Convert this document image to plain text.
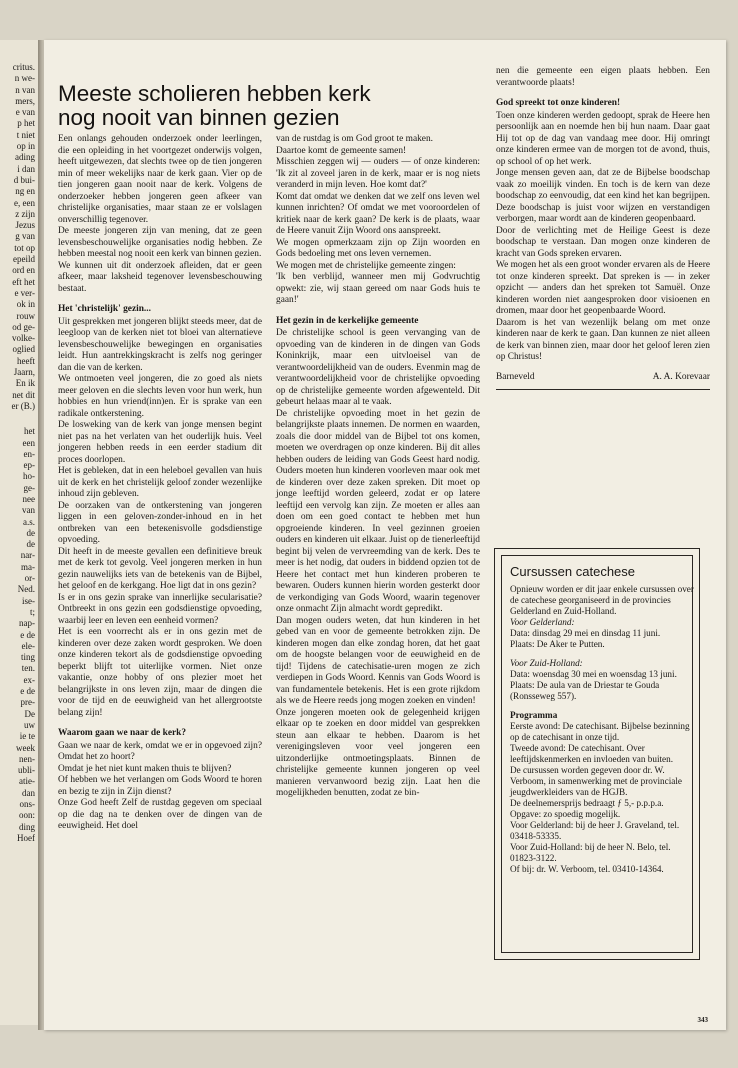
critus.
n we-
n van
mers,
e van
p het
t niet
op in
ading
i dan
d bui-
ng en
e, een
z zijn
Jezus
g van
tot op
epeild
ord en
eft het
e ver-
ok in
rouw
od ge-
volke-
oglied
heeft
Jaarn,
En ik
net dit
er (B.)
het
een
en-
ep-
ho-
ge-
nee
van
a.s.
de
de
nar-
ma-
or-
Ned.
ise-
t;
nap-
e de
ele-
ting
ten.
ex-
e de
pre-
De
uw
ie te
week
nen-
ubli-
atie-
dan
ons-
oon:
ding
Hoef
Meeste scholieren hebben kerk
nog nooit van binnen gezien

Een onlangs gehouden onderzoek onder leerlingen, die een opleiding in het voortgezet onderwijs volgen, heeft uitgewezen, dat slechts twee op de tien jongeren min of meer wekelijks naar de kerk gaan. Vier op de tien jongeren gaan nooit naar de kerk. Volgens de onderzoeker hebben jongeren geen afkeer van christelijke organisaties, maar staan ze er volslagen onverschillig tegenover.

De meeste jongeren zijn van mening, dat ze geen levensbeschouwelijke organisaties nodig hebben. Ze hebben meestal nog nooit een kerk van binnen gezien.

We kunnen uit dit onderzoek afleiden, dat er geen afkeer, maar laksheid tegenover levensbeschouwing bestaat.

Het 'christelijk' gezin...

Uit gesprekken met jongeren blijkt steeds meer, dat de leegloop van de kerken niet tot bloei van alternatieve levensbeschouwelijke bewegingen en organisaties leidt. Hun aantrekkingskracht is zelfs nog geringer dan die van de kerken.

We ontmoeten veel jongeren, die zo goed als niets meer geloven en die slechts leven voor hun werk, hun hobbies en hun vriend(inn)en. Er is sprake van een radikale ontkerstening.

De losweking van de kerk van jonge mensen begint niet pas na het verlaten van het ouderlijk huis. Veel jongeren hebben reeds in een eerder stadium dit proces doorlopen.

Het is gebleken, dat in een heleboel gevallen van huis uit de kerk en het christelijk geloof zonder wezenlijke inhoud zijn gebleven.

De oorzaken van de ontkerstening van jongeren liggen in een geloven-zonder-inhoud en in het ontbreken van een beteкenisvolle godsdienstige opvoeding.

Dit heeft in de meeste gevallen een definitieve breuk met de kerk tot gevolg. Veel jongeren merken in hun gezin nauwelijks iets van de betekenis van de Bijbel, het geloof en de kerkgang. Hoe ligt dat in ons gezin?

Is er in ons gezin sprake van innerlijke secularisatie? Ontbreekt in ons gezin een godsdienstige opvoeding, waarbij leer en leven een eenheid vormen?

Het is een voorrecht als er in ons gezin met de kinderen over deze zaken wordt gesproken. We doen onze kinderen tekort als de godsdienstige opvoeding beperkt blijft tot uiterlijke vormen. Niet onze vakantie, onze hobby of ons plezier moet het belangrijkste in ons leven zijn, maar de dingen die voor de tijd en de eeuwigheid van het allergrootste belang zijn!

Waarom gaan we naar de kerk?

Gaan we naar de kerk, omdat we er in opgevoed zijn? Omdat het zo hoort?

Omdat je het niet kunt maken thuis te blijven?

Of hebben we het verlangen om Gods Woord te horen en bezig te zijn in Zijn dienst?

Onze God heeft Zelf de rustdag gegeven om speciaal op die dag na te denken over de dingen van de eeuwigheid. Het doel

van de rustdag is om God groot te maken.

Daartoe komt de gemeente samen!

Misschien zeggen wij — ouders — of onze kinderen: 'Ik zit al zoveel jaren in de kerk, maar er is nog niets veranderd in mijn leven. Hoe komt dat?'

Komt dat omdat we denken dat we zelf ons leven wel kunnen inrichten? Of omdat we met vooroordelen of kritiek naar de kerk gaan? De kerk is de plaats, waar de Heere vanuit Zijn Woord ons aanspreekt.

We mogen opmerkzaam zijn op Zijn woorden en Gods bedoeling met ons leven vernemen.

We mogen met de christelijke gemeente zingen:

'Ik ben verblijd, wanneer men mij Godvruchtig opwekt: zie, wij staan gereed om naar Gods huis te gaan!'

Het gezin in de kerkelijke gemeente

De christelijke school is geen vervanging van de opvoeding van de kinderen in de dingen van Gods Koninkrijk, maar een uitvloeisel van de verantwoordelijkheid van de ouders. Evenmin mag de verantwoordelijkheid voor de christelijke opvoeding op de christelijke gemeente worden afgewenteld. Dit gebeurt helaas maar al te vaak.

De christelijke opvoeding moet in het gezin de belangrijkste plaats innemen. De normen en waarden, zoals die door middel van de Bijbel tot ons komen, moeten we overdragen op onze kinderen. Bij dit alles hebben ouders de leiding van Gods Geest hard nodig. Ouders moeten hun kinderen voorleven maar ook met de kinderen over deze zaken spreken. Dit moet op jonge leeftijd worden geleerd, zodat er op latere leeftijd een vervolg kan zijn. Ze moeten er alles aan doen om een goed contact te hebben met hun opgroeiende kinderen. In veel gezinnen groeien ouders en kinderen uit elkaar. Juist op de tienerleeftijd begint bij velen de vervreemding van de kerk. Des te meer is het nodig, dat ouders in biddend opzien tot de Heere het contact met hun kinderen proberen te bewaren. Ouders kunnen hierin worden gesterkt door de verkondiging van Gods Woord, waarin tegenover onze onmacht Zijn almacht wordt gepredikt.

Dan mogen ouders weten, dat hun kinderen in het gebed van en voor de gemeente betrokken zijn. De kinderen mogen dan elke zondag horen, dat het gaat om de hoogste belangen voor de eeuwigheid en de tijd! Tijdens de catechisatie-uren mogen ze zich verdiepen in Gods Woord. Kennis van Gods Woord is van fundamentele betekenis. Het is een grote rijkdom als we de Heere reeds jong mogen zoeken en vinden!

Onze jongeren moeten ook de gelegenheid krijgen elkaar op te zoeken en door middel van gesprekken steun aan elkaar te hebben. Daarom is het verenigingsleven voor veel jongeren een uitzonderlijke ontmoetingsplaats. Binnen de christelijke gemeente kunnen jongeren op veel manieren vervanwoord bezig zijn. Laat hen die mogelijkheden benutten, zodat ze bin-

nen die gemeente een eigen plaats hebben. Een verantwoorde plaats!

God spreekt tot onze kinderen!

Toen onze kinderen werden gedoopt, sprak de Heere hen persoonlijk aan en noemde hen bij hun naam. Daar gaat Hij tot op de dag van vandaag mee door. Hij omringt onze kinderen ermee van de morgen tot de avond, thuis, op school of op het werk.

Jonge mensen geven aan, dat ze de Bijbelse boodschap vaak zo moeilijk vinden. En toch is de kern van deze boodschap zo eenvoudig, dat een kind het kan begrijpen. Deze boodschap is juist voor wijzen en verstandigen verborgen, maar wordt aan de kinderen geopenbaard.

Door de verlichting met de Heilige Geest is deze boodschap te verstaan. Dan mogen onze kinderen de kracht van Gods spreken ervaren.

We mogen het als een groot wonder ervaren als de Heere tot onze kinderen spreekt. Dat spreken is — in zeker opzicht — anders dan het spreken tot Samuël. Onze kinderen worden niet aangesproken door visioenen en dromen, maar door het geopenbaarde Woord.

Daarom is het van wezenlijk belang om met onze kinderen naar de kerk te gaan. Dan kunnen ze niet alleen de kerk van binnen zien, maar door het geloof leren zien op Christus!

Barneveld	A. A. Korevaar
Cursussen catechese

Opnieuw worden er dit jaar enkele cursussen over de catechese georganiseerd in de provincies Gelderland en Zuid-Holland.

Voor Gelderland:

Data: dinsdag 29 mei en dinsdag 11 juni.

Plaats: De Aker te Putten.

Voor Zuid-Holland:

Data: woensdag 30 mei en woensdag 13 juni.

Plaats: De aula van de Driestar te Gouda (Ronsseweg 557).

Programma

Eerste avond: De catechisant. Bijbelse bezinning op de catechisant in onze tijd.

Tweede avond: De catechisant. Over leeftijdskenmerken en invloeden van buiten.

De cursussen worden gegeven door dr. W. Verboom, in samenwerking met de provinciale jeugdwerkleiders van de HGJB.

De deelnemersprijs bedraagt ƒ 5,- p.p.p.a.

Opgave: zo spoedig mogelijk.

Voor Gelderland: bij de heer J. Graveland, tel. 03418-53335.

Voor Zuid-Holland: bij de heer N. Belo, tel. 01823-3122.

Of bij: dr. W. Verboom, tel. 03410-14364.

343
